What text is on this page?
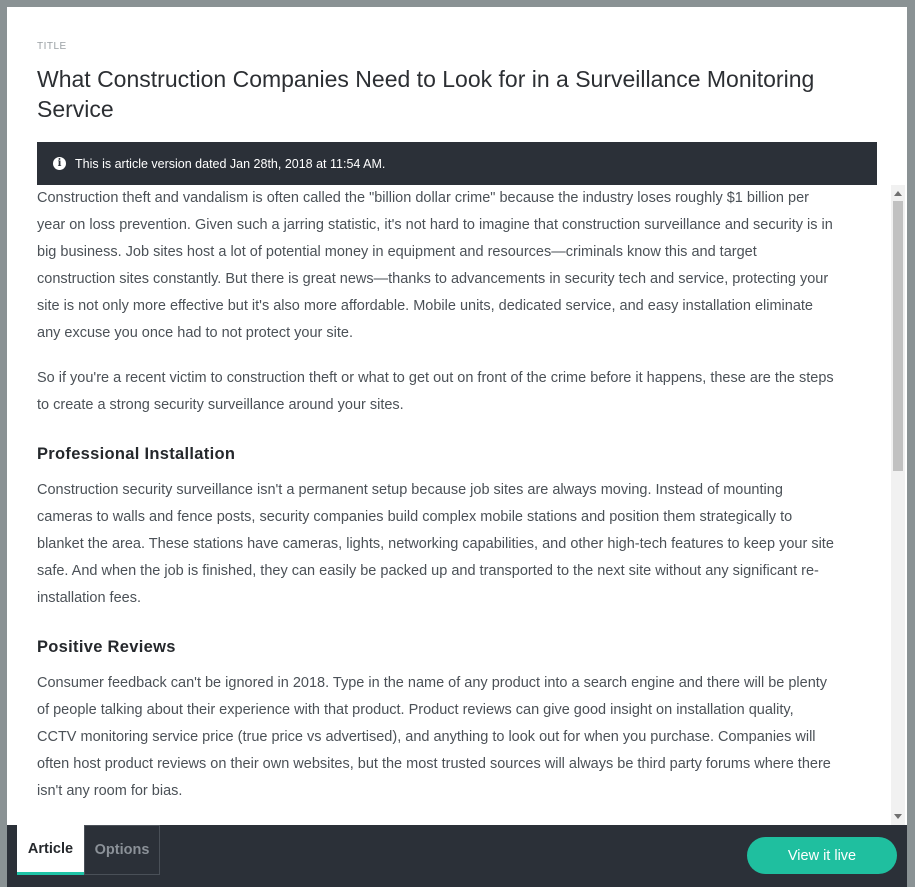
TITLE
What Construction Companies Need to Look for in a Surveillance Monitoring Service
i	This is article version dated Jan 28th, 2018 at 11:54 AM.

Construction theft and vandalism is often called the "billion dollar crime" because the industry loses roughly $1 billion per year on loss prevention. Given such a jarring statistic, it's not hard to imagine that construction surveillance and security is in big business. Job sites host a lot of potential money in equipment and resources—criminals know this and target construction sites constantly. But there is great news—thanks to advancements in security tech and service, protecting your site is not only more effective but it's also more affordable. Mobile units, dedicated service, and easy installation eliminate any excuse you once had to not protect your site.

So if you're a recent victim to construction theft or what to get out on front of the crime before it happens, these are the steps to create a strong security surveillance around your sites.

Professional Installation

Construction security surveillance isn't a permanent setup because job sites are always moving. Instead of mounting cameras to walls and fence posts, security companies build complex mobile stations and position them strategically to blanket the area. These stations have cameras, lights, networking capabilities, and other high-tech features to keep your site safe. And when the job is finished, they can easily be packed up and transported to the next site without any significant re-installation fees.

Positive Reviews

Consumer feedback can't be ignored in 2018. Type in the name of any product into a search engine and there will be plenty of people talking about their experience with that product. Product reviews can give good insight on installation quality, CCTV monitoring service price (true price vs advertised), and anything to look out for when you purchase. Companies will often host product reviews on their own websites, but the most trusted sources will always be third party forums where there isn't any room for bias.

Article	Options	View it live
